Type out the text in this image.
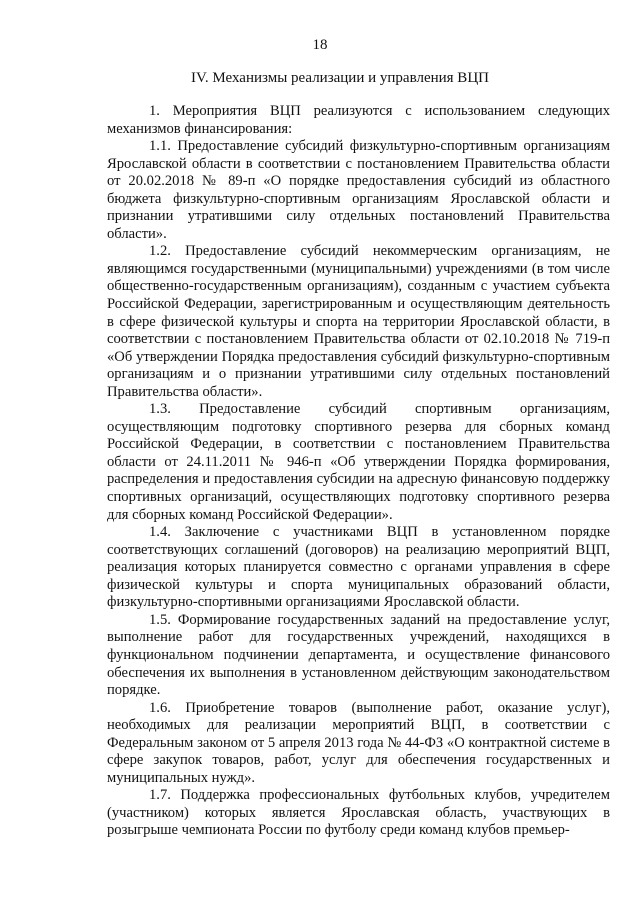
18
IV. Механизмы реализации и управления ВЦП

1. Мероприятия ВЦП реализуются с использованием следующих механизмов финансирования:

1.1. Предоставление субсидий физкультурно-спортивным организациям Ярославской области в соответствии с постановлением Правительства области от 20.02.2018 № 89-п «О порядке предоставления субсидий из областного бюджета физкультурно-спортивным организациям Ярославской области и признании утратившими силу отдельных постановлений Правительства области».

1.2. Предоставление субсидий некоммерческим организациям, не являющимся государственными (муниципальными) учреждениями (в том числе общественно-государственным организациям), созданным с участием субъекта Российской Федерации, зарегистрированным и осуществляющим деятельность в сфере физической культуры и спорта на территории Ярославской области, в соответствии с постановлением Правительства области от 02.10.2018 № 719-п «Об утверждении Порядка предоставления субсидий физкультурно-спортивным организациям и о признании утратившими силу отдельных постановлений Правительства области».

1.3. Предоставление субсидий спортивным организациям, осуществляющим подготовку спортивного резерва для сборных команд Российской Федерации, в соответствии с постановлением Правительства области от 24.11.2011 № 946-п «Об утверждении Порядка формирования, распределения и предоставления субсидии на адресную финансовую поддержку спортивных организаций, осуществляющих подготовку спортивного резерва для сборных команд Российской Федерации».

1.4. Заключение с участниками ВЦП в установленном порядке соответствующих соглашений (договоров) на реализацию мероприятий ВЦП, реализация которых планируется совместно с органами управления в сфере физической культуры и спорта муниципальных образований области, физкультурно-спортивными организациями Ярославской области.

1.5. Формирование государственных заданий на предоставление услуг, выполнение работ для государственных учреждений, находящихся в функциональном подчинении департамента, и осуществление финансового обеспечения их выполнения в установленном действующим законодательством порядке.

1.6. Приобретение товаров (выполнение работ, оказание услуг), необходимых для реализации мероприятий ВЦП, в соответствии с Федеральным законом от 5 апреля 2013 года № 44-ФЗ «О контрактной системе в сфере закупок товаров, работ, услуг для обеспечения государственных и муниципальных нужд».

1.7. Поддержка профессиональных футбольных клубов, учредителем (участником) которых является Ярославская область, участвующих в розыгрыше чемпионата России по футболу среди команд клубов премьер-
